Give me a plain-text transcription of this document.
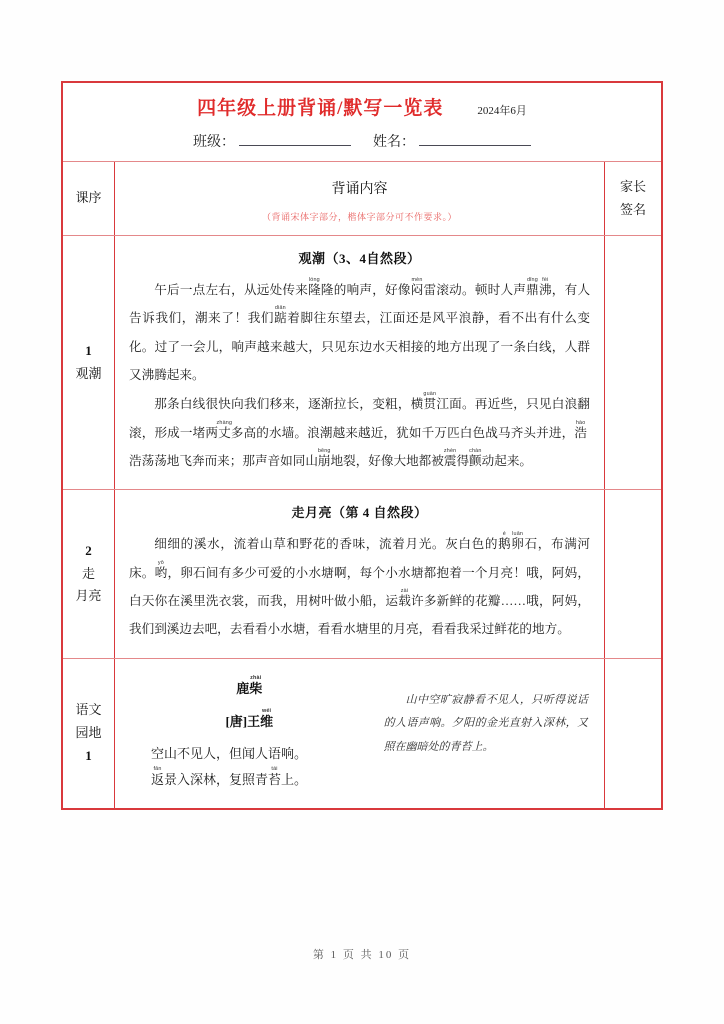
四年级上册背诵/默写一览表	2024年6月
班级：	姓名：
课序
背诵内容
（背诵宋体字部分，楷体字部分可不作要求。）
家长
签名
1
观潮
观潮（3、4自然段）

午后一点左右，从远处传来隆lóng隆的响声，好像闷mèn雷滚动。顿时人声鼎dǐng沸fèi，有人告诉我们，潮来了！我们踮diǎn着脚往东望去，江面还是风平浪静，看不出有什么变化。过了一会儿，响声越来越大，只见东边水天相接的地方出现了一条白线，人群又沸腾起来。

那条白线很快向我们移来，逐渐拉长，变粗，横贯guàn江面。再近些，只见白浪翻滚，形成一堵两丈zhàng多高的水墙。浪潮越来越近，犹如千万匹白色战马齐头并进，浩hào浩荡荡地飞奔而来；那声音如同山崩bēng地裂，好像大地都被震zhèn得颤chàn动起来。

2
走
月亮
走月亮（第 4 自然段）

细细的溪水，流着山草和野花的香味，流着月光。灰白色的鹅é卵luǎn石，布满河床。哟yō，卵石间有多少可爱的小水塘啊，每个小水塘都抱着一个月亮！哦，阿妈，白天你在溪里洗衣裳，而我，用树叶做小船，运载zài许多新鲜的花瓣……哦，阿妈，我们到溪边去吧，去看看小水塘，看看水塘里的月亮，看看我采过鲜花的地方。

语文
园地
1
鹿柴zhài
[唐]王维wéi
空山不见人，但闻人语响。
返fǎn景入深林，复照青苔tái上。
山中空旷寂静看不见人，只听得说话的人语声响。夕阳的金光直射入深林，又照在幽暗处的青苔上。
第 1 页 共 10 页
